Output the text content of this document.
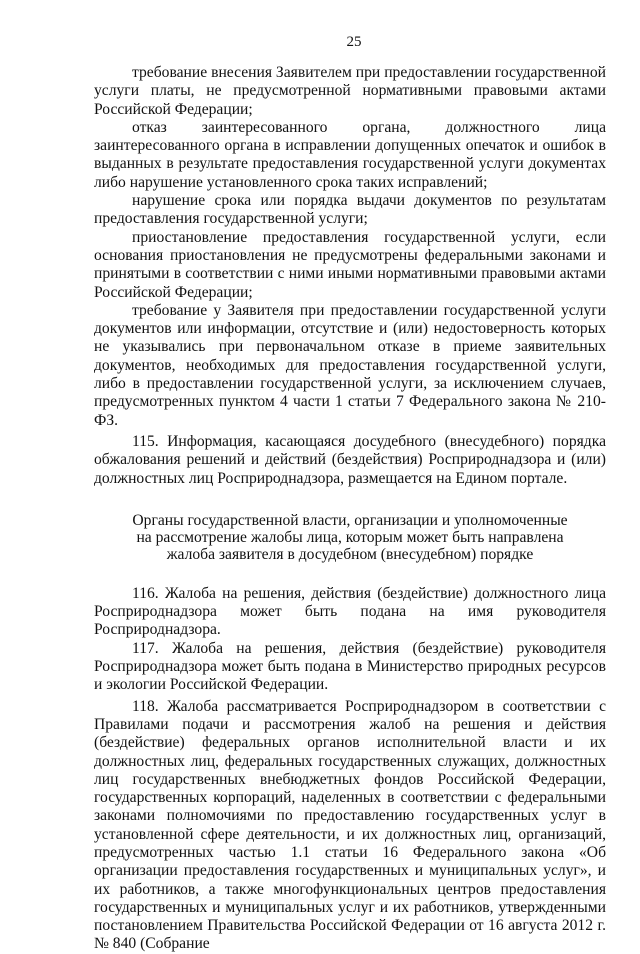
25

требование внесения Заявителем при предоставлении государственной услуги платы, не предусмотренной нормативными правовыми актами Российской Федерации;

отказ заинтересованного органа, должностного лица заинтересованного органа в исправлении допущенных опечаток и ошибок в выданных в результате предоставления государственной услуги документах либо нарушение установленного срока таких исправлений;

нарушение срока или порядка выдачи документов по результатам предоставления государственной услуги;

приостановление предоставления государственной услуги, если основания приостановления не предусмотрены федеральными законами и принятыми в соответствии с ними иными нормативными правовыми актами Российской Федерации;

требование у Заявителя при предоставлении государственной услуги документов или информации, отсутствие и (или) недостоверность которых не указывались при первоначальном отказе в приеме заявительных документов, необходимых для предоставления государственной услуги, либо в предоставлении государственной услуги, за исключением случаев, предусмотренных пунктом 4 части 1 статьи 7 Федерального закона № 210-ФЗ.

115. Информация, касающаяся досудебного (внесудебного) порядка обжалования решений и действий (бездействия) Росприроднадзора и (или) должностных лиц Росприроднадзора, размещается на Едином портале.

Органы государственной власти, организации и уполномоченные
на рассмотрение жалобы лица, которым может быть направлена
жалоба заявителя в досудебном (внесудебном) порядке

116. Жалоба на решения, действия (бездействие) должностного лица Росприроднадзора может быть подана на имя руководителя Росприроднадзора.

117. Жалоба на решения, действия (бездействие) руководителя Росприроднадзора может быть подана в Министерство природных ресурсов и экологии Российской Федерации.

118. Жалоба рассматривается Росприроднадзором в соответствии с Правилами подачи и рассмотрения жалоб на решения и действия (бездействие) федеральных органов исполнительной власти и их должностных лиц, федеральных государственных служащих, должностных лиц государственных внебюджетных фондов Российской Федерации, государственных корпораций, наделенных в соответствии с федеральными законами полномочиями по предоставлению государственных услуг в установленной сфере деятельности, и их должностных лиц, организаций, предусмотренных частью 1.1 статьи 16 Федерального закона «Об организации предоставления государственных и муниципальных услуг», и их работников, а также многофункциональных центров предоставления государственных и муниципальных услуг и их работников, утвержденными постановлением Правительства Российской Федерации от 16 августа 2012 г. № 840 (Собрание
